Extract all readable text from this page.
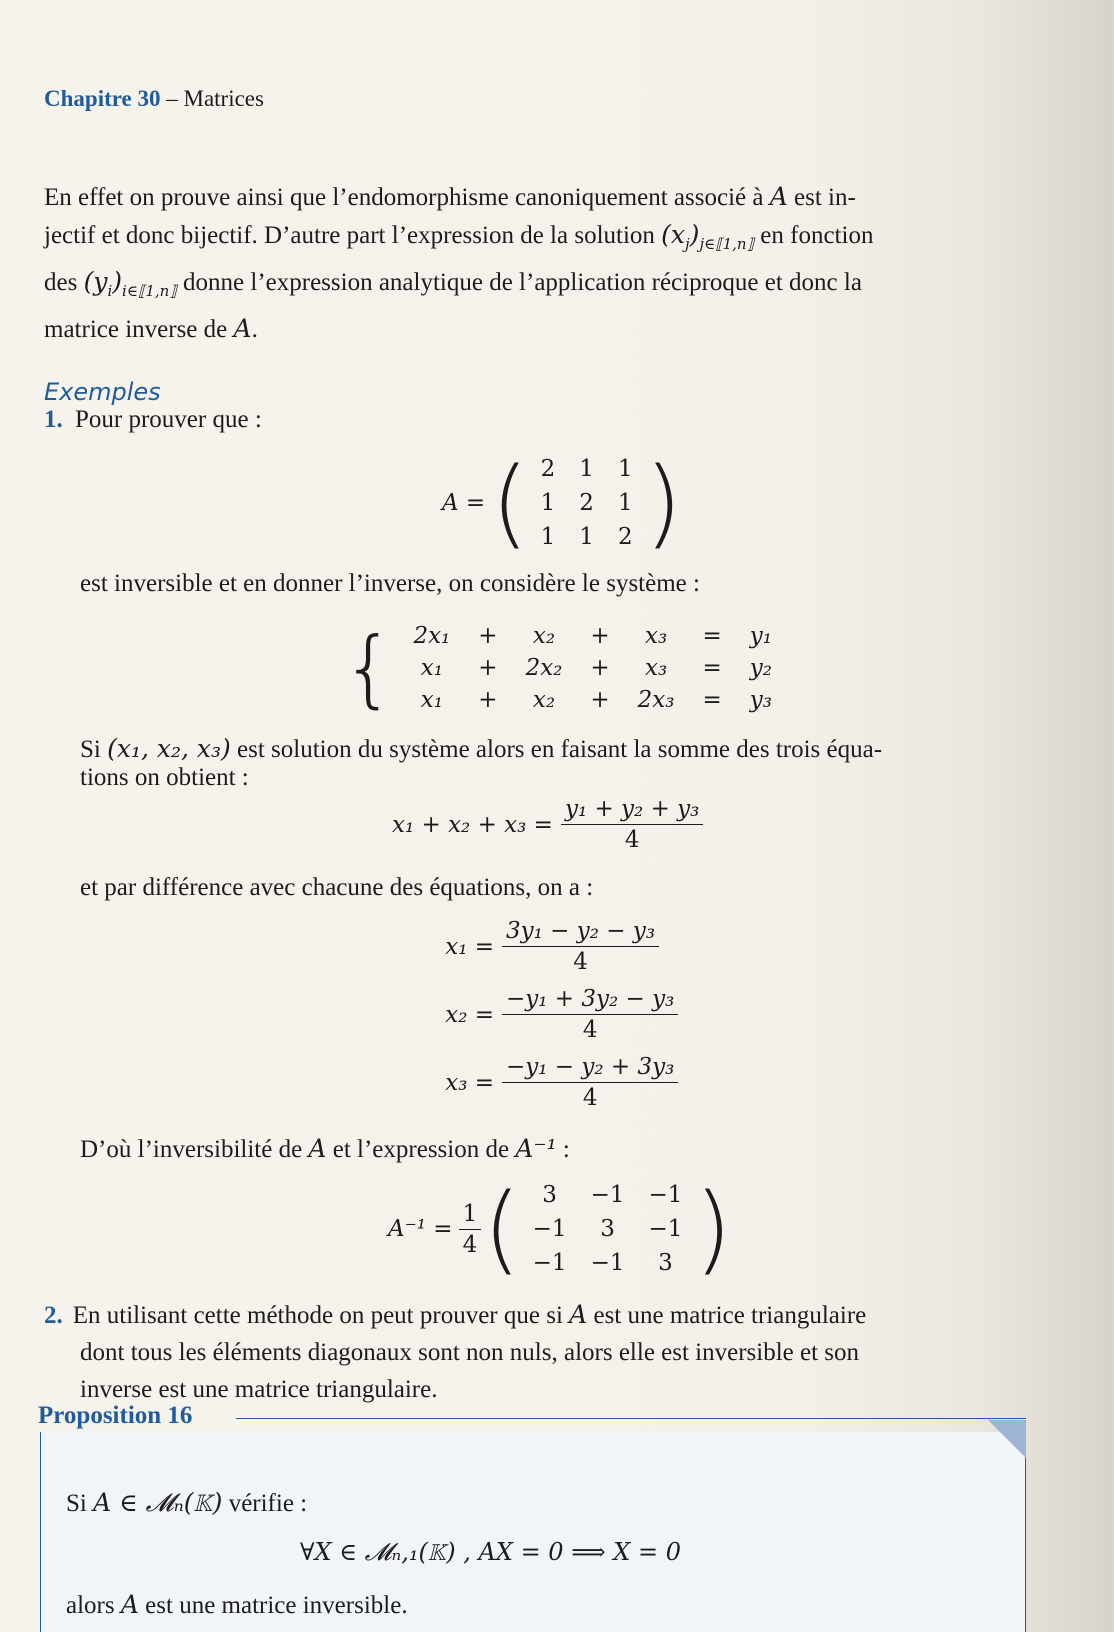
Chapitre 30 – Matrices
En effet on prouve ainsi que l’endomorphisme canoniquement associé à A est in-
jectif et donc bijectif. D’autre part l’expression de la solution $(x_j)_{j\in⟦1,n⟧}$ en fonction
des $(y_i)_{i\in⟦1,n⟧}$ donne l’expression analytique de l’application réciproque et donc la
matrice inverse de A.
Exemples
1. Pour prouver que :
A = ( 2	1	1
1	2	1
1	1	2 )
est inversible et en donner l’inverse, on considère le système :
{ 2x₁	+	x₂	+	x₃	=	y₁
x₁	+	2x₂	+	x₃	=	y₂
x₁	+	x₂	+	2x₃	=	y₃
Si (x₁, x₂, x₃) est solution du système alors en faisant la somme des trois équa-
tions on obtient :
$x_1 + x_2 + x_3 = \frac{\text{y₁ + y₂ + y₃}}{4}$
et par différence avec chacune des équations, on a :
$x_1 = \frac{\text{3y₁ − y₂ − y₃}}{4}$
$x_2 = \frac{\text{−y₁ + 3y₂ − y₃}}{4}$
$x_3 = \frac{\text{−y₁ − y₂ + 3y₃}}{4}$
D’où l’inversibilité de A et l’expression de A⁻¹ :
$A^{-1} = \frac{1}{4}$ ( 3	−1	−1
−1	3	−1
−1	−1	3 )
2. En utilisant cette méthode on peut prouver que si A est une matrice triangulaire
dont tous les éléments diagonaux sont non nuls, alors elle est inversible et son
inverse est une matrice triangulaire.
Proposition 16
Si A ∈ 𝓜ₙ(𝕂) vérifie :
∀X ∈ 𝓜ₙ,₁(𝕂) , AX = 0 ⟹ X = 0
alors A est une matrice inversible.
